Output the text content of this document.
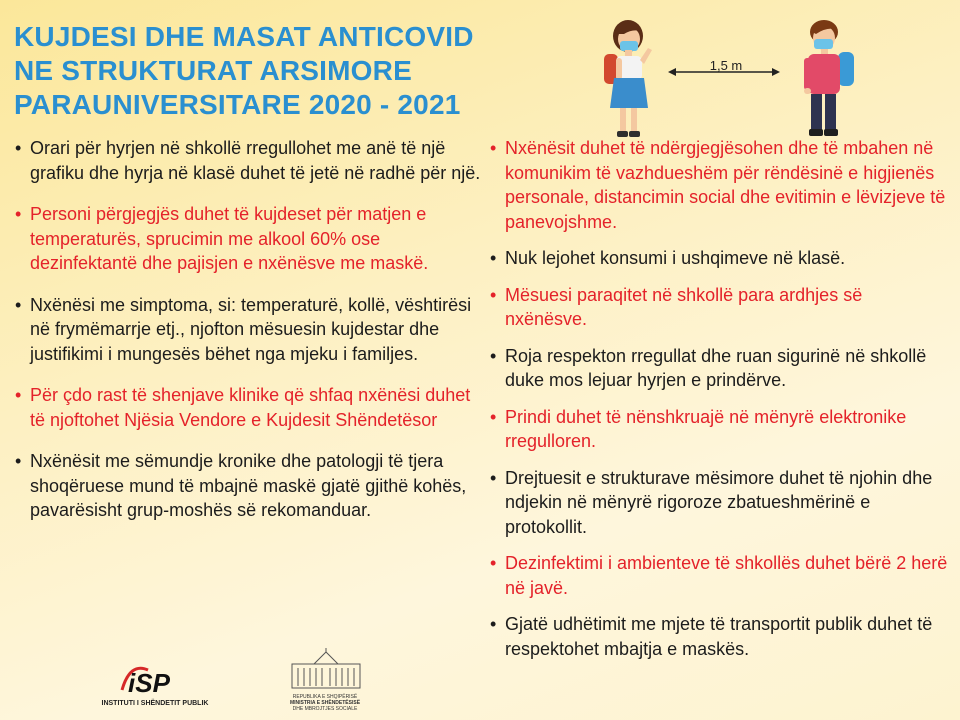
KUJDESI DHE MASAT ANTICOVID
NE STRUKTURAT ARSIMORE
PARAUNIVERSITARE 2020 - 2021
1,5 m
• Orari për hyrjen në shkollë rregullohet me anë të një grafiku dhe hyrja në klasë duhet të jetë në radhë për një.
• Personi përgjegjës duhet të kujdeset për matjen e temperaturës, sprucimin me alkool 60% ose dezinfektantë dhe pajisjen e nxënësve me maskë.
• Nxënësi me simptoma, si: temperaturë, kollë, vështirësi në frymëmarrje etj., njofton mësuesin kujdestar dhe justifikimi i mungesës bëhet nga mjeku i familjes.
• Për çdo rast të shenjave klinike që shfaq nxënësi duhet të njoftohet Njësia Vendore e Kujdesit Shëndetësor
• Nxënësit me sëmundje kronike dhe patologji të tjera shoqëruese mund të mbajnë maskë gjatë gjithë kohës, pavarësisht grup-moshës së rekomanduar.
• Nxënësit duhet të ndërgjegjësohen dhe të mbahen në komunikim të vazhdueshëm për rëndësinë e higjienës personale, distancimin social dhe evitimin e lëvizjeve të panevojshme.
• Nuk lejohet konsumi i ushqimeve në klasë.
• Mësuesi paraqitet në shkollë para ardhjes së nxënësve.
• Roja respekton rregullat dhe ruan sigurinë në shkollë duke mos lejuar hyrjen e prindërve.
• Prindi duhet të nënshkruajë në mënyrë elektronike rregulloren.
• Drejtuesit e strukturave mësimore duhet të njohin dhe ndjekin në mënyrë rigoroze zbatueshmërinë e protokollit.
• Dezinfektimi i ambienteve të shkollës duhet bërë 2 herë në javë.
• Gjatë udhëtimit me mjete të transportit publik duhet të respektohet mbajtja e maskës.
iSP
INSTITUTI I SHËNDETIT PUBLIK
REPUBLIKA E SHQIPËRISË
MINISTRIA E SHËNDETËSISË
DHE MBROJTJES SOCIALE
